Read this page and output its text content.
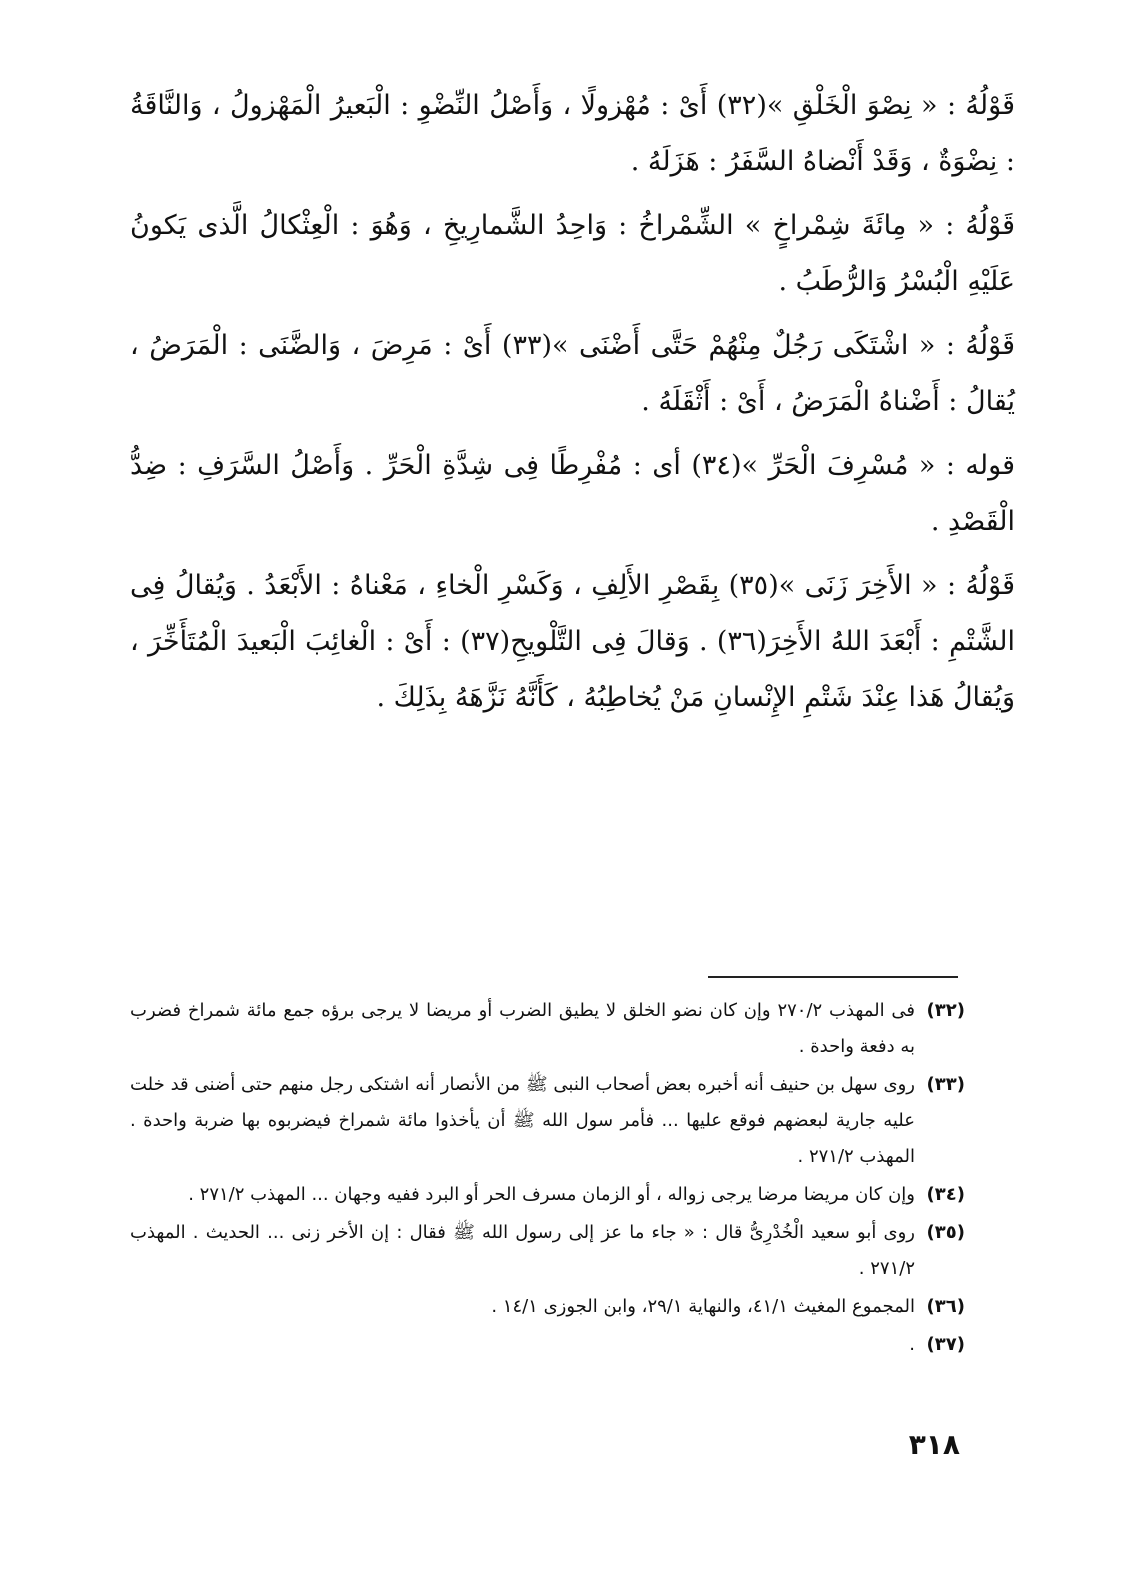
قَوْلُهُ : « نِصْوَ الْخَلْقِ »(٣٢) أَىْ : مُهْزولًا ، وَأَصْلُ النِّضْوِ : الْبَعيرُ الْمَهْزولُ ، وَالنَّاقَةُ : نِضْوَةٌ ، وَقَدْ أَنْضاهُ السَّفَرُ : هَزَلَهُ .

قَوْلُهُ : « مِائَةَ شِمْراخٍ » الشِّمْراخُ : وَاحِدُ الشَّمارِيخِ ، وَهُوَ : الْعِثْكالُ الَّذى يَكونُ عَلَيْهِ الْبُسْرُ وَالرُّطَبُ .

قَوْلُهُ : « اشْتَكَى رَجُلٌ مِنْهُمْ حَتَّى أَضْنَى »(٣٣) أَىْ : مَرِضَ ، وَالضَّنَى : الْمَرَضُ ، يُقالُ : أَضْناهُ الْمَرَضُ ، أَىْ : أَثْقَلَهُ .

قوله : « مُسْرِفَ الْحَرِّ »(٣٤) أى : مُفْرِطًا فِى شِدَّةِ الْحَرِّ . وَأَصْلُ السَّرَفِ : ضِدُّ الْقَصْدِ .

قَوْلُهُ : « الأَخِرَ زَنَى »(٣٥) بِقَصْرِ الأَلِفِ ، وَكَسْرِ الْخاءِ ، مَعْناهُ : الأَبْعَدُ . وَيُقالُ فِى الشَّتْمِ : أَبْعَدَ اللهُ الأَخِرَ(٣٦) . وَقالَ فِى التَّلْويحِ(٣٧) : أَىْ : الْغائِبَ الْبَعيدَ الْمُتَأَخِّرَ ، وَيُقالُ هَذا عِنْدَ شَتْمِ الإِنْسانِ مَنْ يُخاطِبُهُ ، كَأَنَّهُ نَزَّهَهُ بِذَلِكَ .

(٣٢)
فى المهذب ٢٧٠/٢ وإن كان نضو الخلق لا يطيق الضرب أو مريضا لا يرجى برؤه جمع مائة شمراخ فضرب به دفعة واحدة .
(٣٣)
روى سهل بن حنيف أنه أخبره بعض أصحاب النبى ﷺ من الأنصار أنه اشتكى رجل منهم حتى أضنى قد خلت عليه جارية لبعضهم فوقع عليها ... فأمر سول الله ﷺ أن يأخذوا مائة شمراخ فيضربوه بها ضربة واحدة . المهذب ٢٧١/٢ .
(٣٤)
وإن كان مريضا مرضا يرجى زواله ، أو الزمان مسرف الحر أو البرد ففيه وجهان ... المهذب ٢٧١/٢ .
(٣٥)
روى أبو سعيد الْخُدْرِىُّ قال : « جاء ما عز إلى رسول الله ﷺ فقال : إن الأخر زنى ... الحديث . المهذب ٢٧١/٢ .
(٣٦)
المجموع المغيث ٤١/١، والنهاية ٢٩/١، وابن الجوزى ١٤/١ .
(٣٧)
.
٣١٨
